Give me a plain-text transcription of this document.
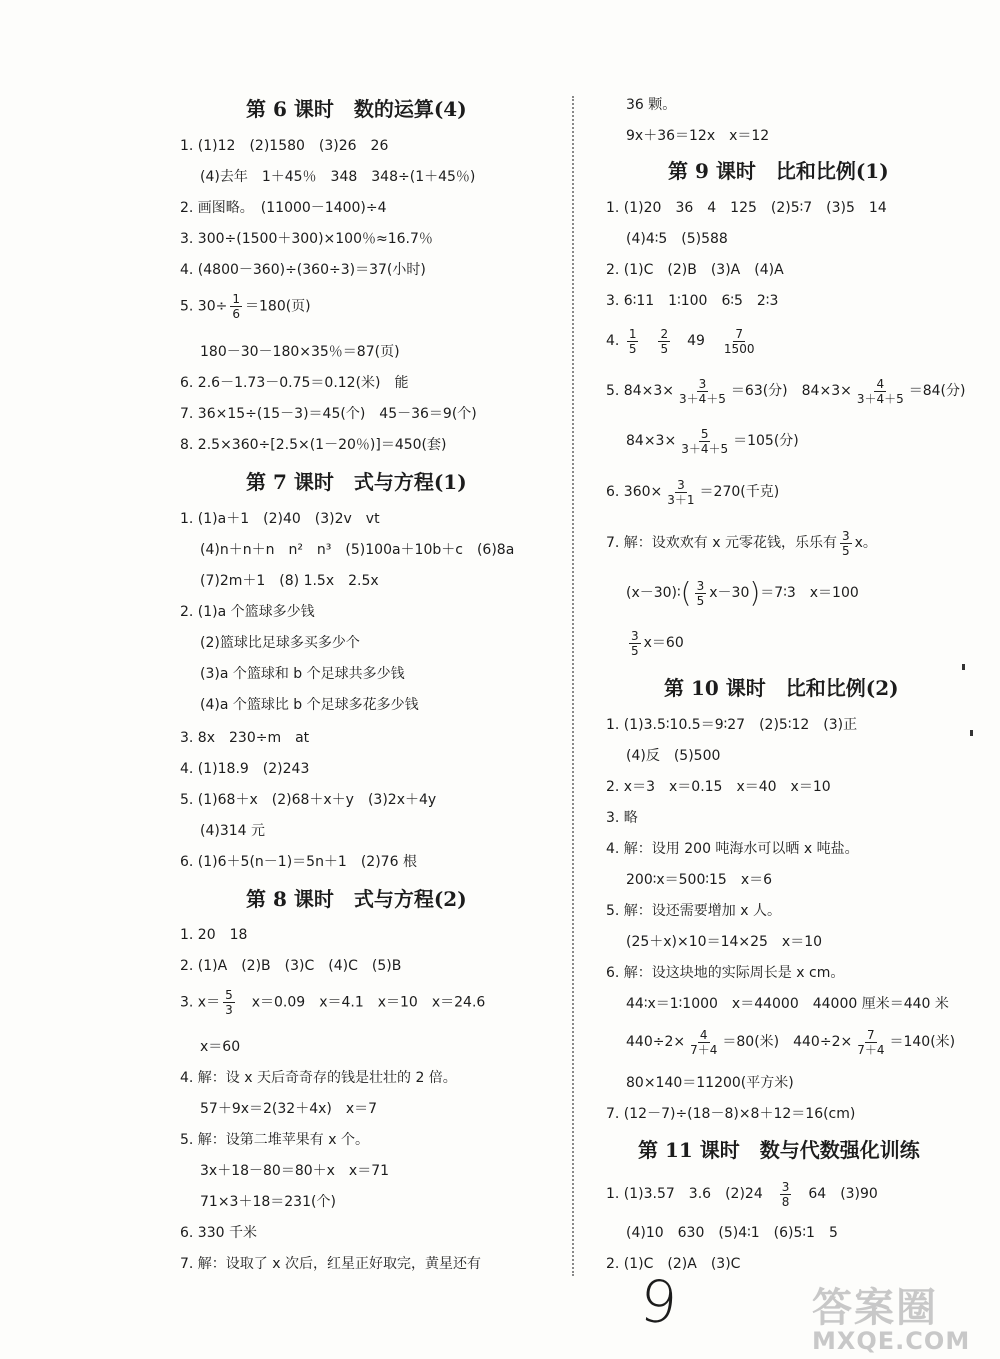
第 6 课时　数的运算(4)
1. (1)12　(2)1580　(3)26　26
(4)去年　1＋45％　348　348÷(1＋45％)
2. 画图略。　(11000－1400)÷4
3. 300÷(1500＋300)×100％≈16.7％
4. (4800－360)÷(360÷3)＝37(小时)
5. $30\div \frac{1}{6} =180$(页)
180－30－180×35％＝87(页)
6. 2.6－1.73－0.75＝0.12(米)　能
7. 36×15÷(15－3)＝45(个)　45－36＝9(个)
8. 2.5×360÷[2.5×(1－20％)]＝450(套)
第 7 课时　式与方程(1)
1. (1)a＋1　(2)40　(3)2v　vt
(4)n＋n＋n　n²　n³　(5)100a＋10b＋c　(6)8a
(7)2m＋1　(8) 1.5x　2.5x
2. (1)a 个篮球多少钱
(2)篮球比足球多买多少个
(3)a 个篮球和 b 个足球共多少钱
(4)a 个篮球比 b 个足球多花多少钱
3. 8x　230÷m　at
4. (1)18.9　(2)243
5. (1)68＋x　(2)68＋x＋y　(3)2x＋4y
(4)314 元
6. (1)6＋5(n－1)＝5n＋1　(2)76 根
第 8 课时　式与方程(2)
1. 20　18
2. (1)A　(2)B　(3)C　(4)C　(5)B
3. $x= \frac{5}{3}$ 　x＝0.09　x＝4.1　x＝10　x＝24.6
x＝60
4. 解：设 x 天后奇奇存的钱是壮壮的 2 倍。
57＋9x＝2(32＋4x)　x＝7
5. 解：设第二堆苹果有 x 个。
3x＋18－80＝80＋x　x＝71
71×3＋18＝231(个)
6. 330 千米
7. 解：设取了 x 次后，红星正好取完，黄星还有
36 颗。
9x＋36＝12x　x＝12
第 9 课时　比和比例(1)
1. (1)20　36　4　125　(2)5∶7　(3)5　14
(4)4∶5　(5)588
2. (1)C　(2)B　(3)A　(4)A
3. 6∶11　1∶100　6∶5　2∶3
4. $\frac{1}{5}$
　 $\frac{2}{5}$
　 49　 $\frac{7}{1500}$
5. $84\times 3\times \frac{3}{3+4+5} =63$(分)　$84\times 3\times \frac{4}{3+4+5} =84$(分)
$84\times 3\times \frac{5}{3+4+5} =105$(分)
6. $360\times \frac{3}{3+1} =270$(千克)
7. 解：设欢欢有 x 元零花钱，乐乐有 $\frac{3}{5}$ x。
(x－30)∶( $\frac{3}{5}$ x－30)＝7∶3　x＝100
$\frac{3}{5} x=60$
第 10 课时　比和比例(2)
1. (1)3.5∶10.5＝9∶27　(2)5∶12　(3)正
(4)反　(5)500
2. x＝3　x＝0.15　x＝40　x＝10
3. 略
4. 解：设用 200 吨海水可以晒 x 吨盐。
200∶x＝500∶15　x＝6
5. 解：设还需要增加 x 人。
(25＋x)×10＝14×25　x＝10
6. 解：设这块地的实际周长是 x cm。
44∶x＝1∶1000　x＝44000　44000 厘米＝440 米
$440\div 2\times \frac{4}{7+4} =80$(米)　$440\div 2\times \frac{7}{7+4} =140$(米)
80×140＝11200(平方米)
7. (12－7)÷(18－8)×8＋12＝16(cm)
第 11 课时　数与代数强化训练
1. (1)3.57　3.6　(2)24　 $\frac{3}{8}$
　 64　(3)90
(4)10　630　(5)4∶1　(6)5∶1　5
2. (1)C　(2)A　(3)C
9	答案圈
MXQE.COM
